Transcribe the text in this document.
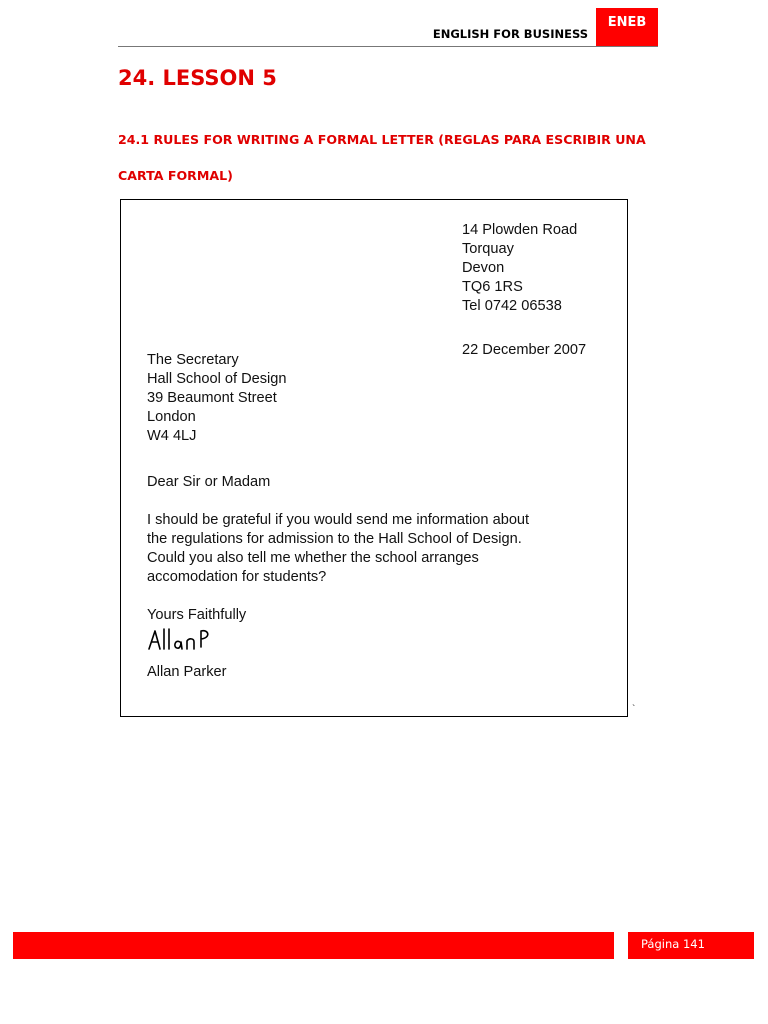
ENGLISH FOR BUSINESS
ENEB
24. LESSON 5
24.1 RULES FOR WRITING A FORMAL LETTER (REGLAS PARA ESCRIBIR UNA CARTA FORMAL)
14 Plowden Road
Torquay
Devon
TQ6 1RS
Tel 0742 06538
22 December 2007
The Secretary
Hall School of Design
39 Beaumont Street
London
W4 4LJ
Dear Sir or Madam
I should be grateful if you would send me information about
the regulations for admission to the Hall School of Design.
Could you also tell me whether the school arranges
accomodation for students?
Yours Faithfully
Allan Parker
`
Página 141
